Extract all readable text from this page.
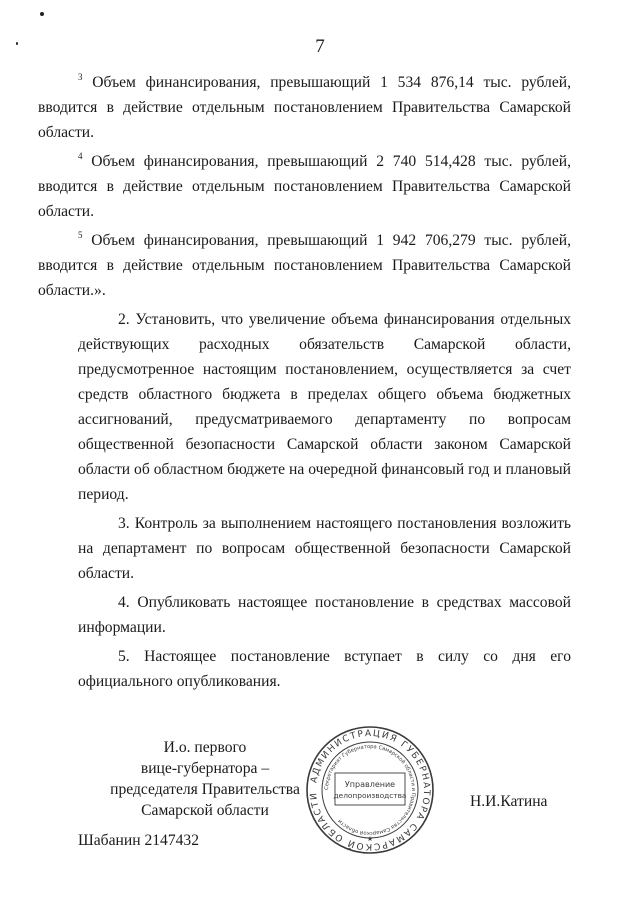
7

$^3$ Объем финансирования, превышающий 1 534 876,14 тыс. рублей,
вводится в действие отдельным постановлением Правительства Самарской
области.

$^4$ Объем финансирования, превышающий 2 740 514,428 тыс. рублей,
вводится в действие отдельным постановлением Правительства Самарской
области.

$^5$ Объем финансирования, превышающий 1 942 706,279 тыс. рублей,
вводится в действие отдельным постановлением Правительства Самарской
области.».

2. Установить, что увеличение объема финансирования отдельных действующих расходных обязательств Самарской области, предусмотренное настоящим постановлением, осуществляется за счет средств областного бюджета в пределах общего объема бюджетных ассигнований, предусматриваемого департаменту по вопросам общественной безопасности Самарской области законом Самарской области об областном бюджете на очередной финансовый год и плановый период.

3. Контроль за выполнением настоящего постановления возложить на департамент по вопросам общественной безопасности Самарской области.

4. Опубликовать настоящее постановление в средствах массовой информации.

5. Настоящее постановление вступает в силу со дня его официального опубликования.

И.о. первого
вице-губернатора –
председателя Правительства
Самарской области
АДМИНИСТРАЦИЯ ГУБЕРНАТОРА САМАРСКОЙ ОБЛАСТИ
Секретариат Губернатора Самарской области и Правительства Самарской области
Управление
делопроизводства
★
Н.И.Катина
Шабанин 2147432
